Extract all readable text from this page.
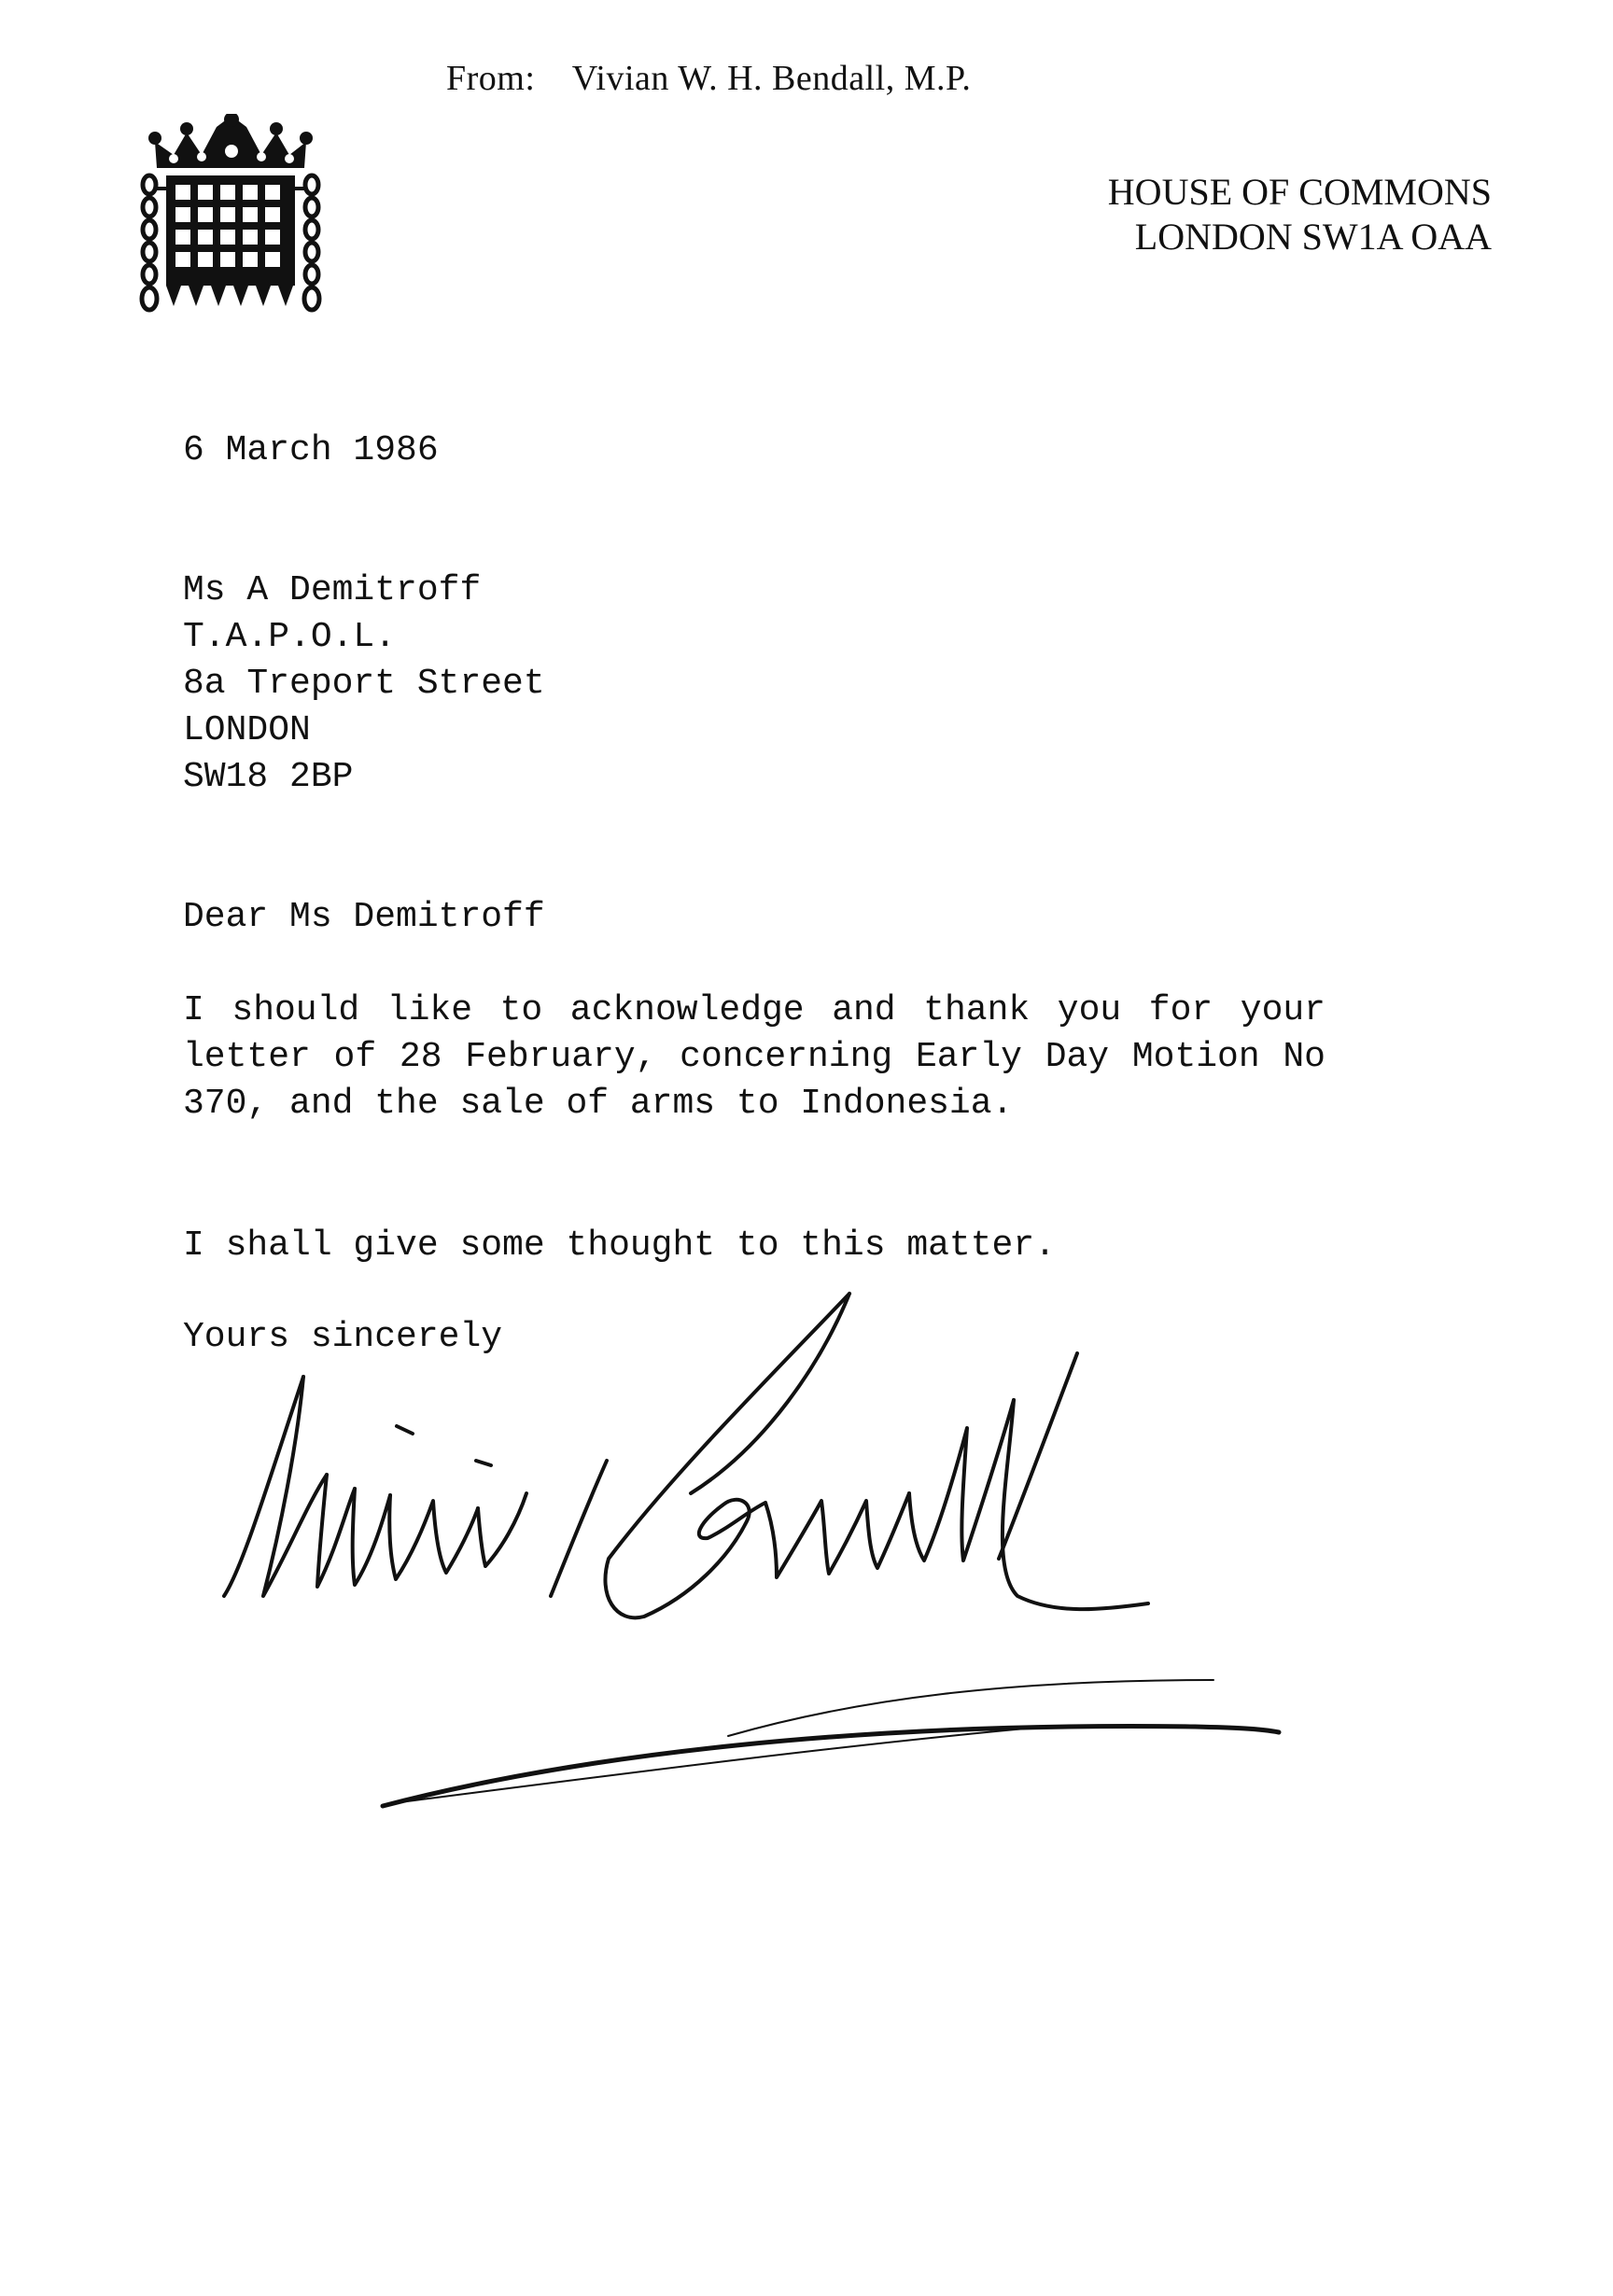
From: Vivian W. H. Bendall, M.P.
HOUSE OF COMMONS
LONDON SW1A OAA
6 March 1986
Ms A Demitroff
T.A.P.O.L.
8a Treport Street
LONDON
SW18 2BP
Dear Ms Demitroff
I should like to acknowledge and thank you for your letter of 28 February, concerning Early Day Motion No 370, and the sale of arms to Indonesia.
I shall give some thought to this matter.
Yours sincerely
